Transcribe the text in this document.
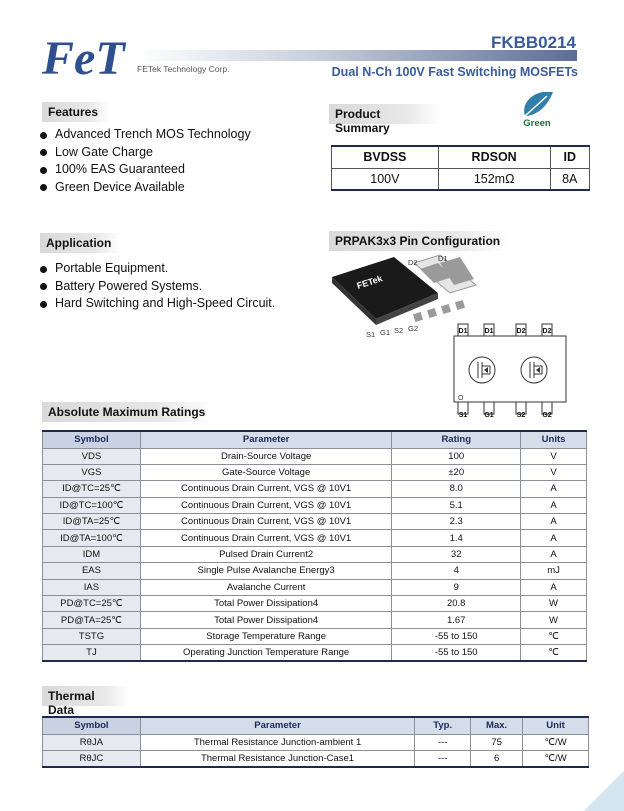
FeT FETek Technology Corp.
FKBB0214
Dual N-Ch 100V Fast Switching MOSFETs
Features
Advanced Trench MOS Technology
Low Gate Charge
100% EAS Guaranteed
Green Device Available
Product Summary	Green
BVDSS	RDSON	ID
100V	152mΩ	8A
Application
Portable Equipment.
Battery Powered Systems.
Hard Switching and High-Speed Circuit.
PRPAK3x3 Pin Configuration
FETek
D2	D1
S1 G1 S2 G2
O
D1 D1	D2 D2
S1 G1	S2 G2
Absolute Maximum Ratings
Symbol	Parameter	Rating	Units
VDS	Drain-Source Voltage	100	V
VGS	Gate-Source Voltage	±20	V
ID@TC=25℃	Continuous Drain Current, VGS @ 10V1	8.0	A
ID@TC=100℃	Continuous Drain Current, VGS @ 10V1	5.1	A
ID@TA=25℃	Continuous Drain Current, VGS @ 10V1	2.3	A
ID@TA=100℃	Continuous Drain Current, VGS @ 10V1	1.4	A
IDM	Pulsed Drain Current2	32	A
EAS	Single Pulse Avalanche Energy3	4	mJ
IAS	Avalanche Current	9	A
PD@TC=25℃	Total Power Dissipation4	20.8	W
PD@TA=25℃	Total Power Dissipation4	1.67	W
TSTG	Storage Temperature Range	-55 to 150	℃
TJ	Operating Junction Temperature Range	-55 to 150	℃
Thermal Data
Symbol	Parameter	Typ.	Max.	Unit
RθJA	Thermal Resistance Junction-ambient 1	---	75	℃/W
RθJC	Thermal Resistance Junction-Case1	---	6	℃/W
